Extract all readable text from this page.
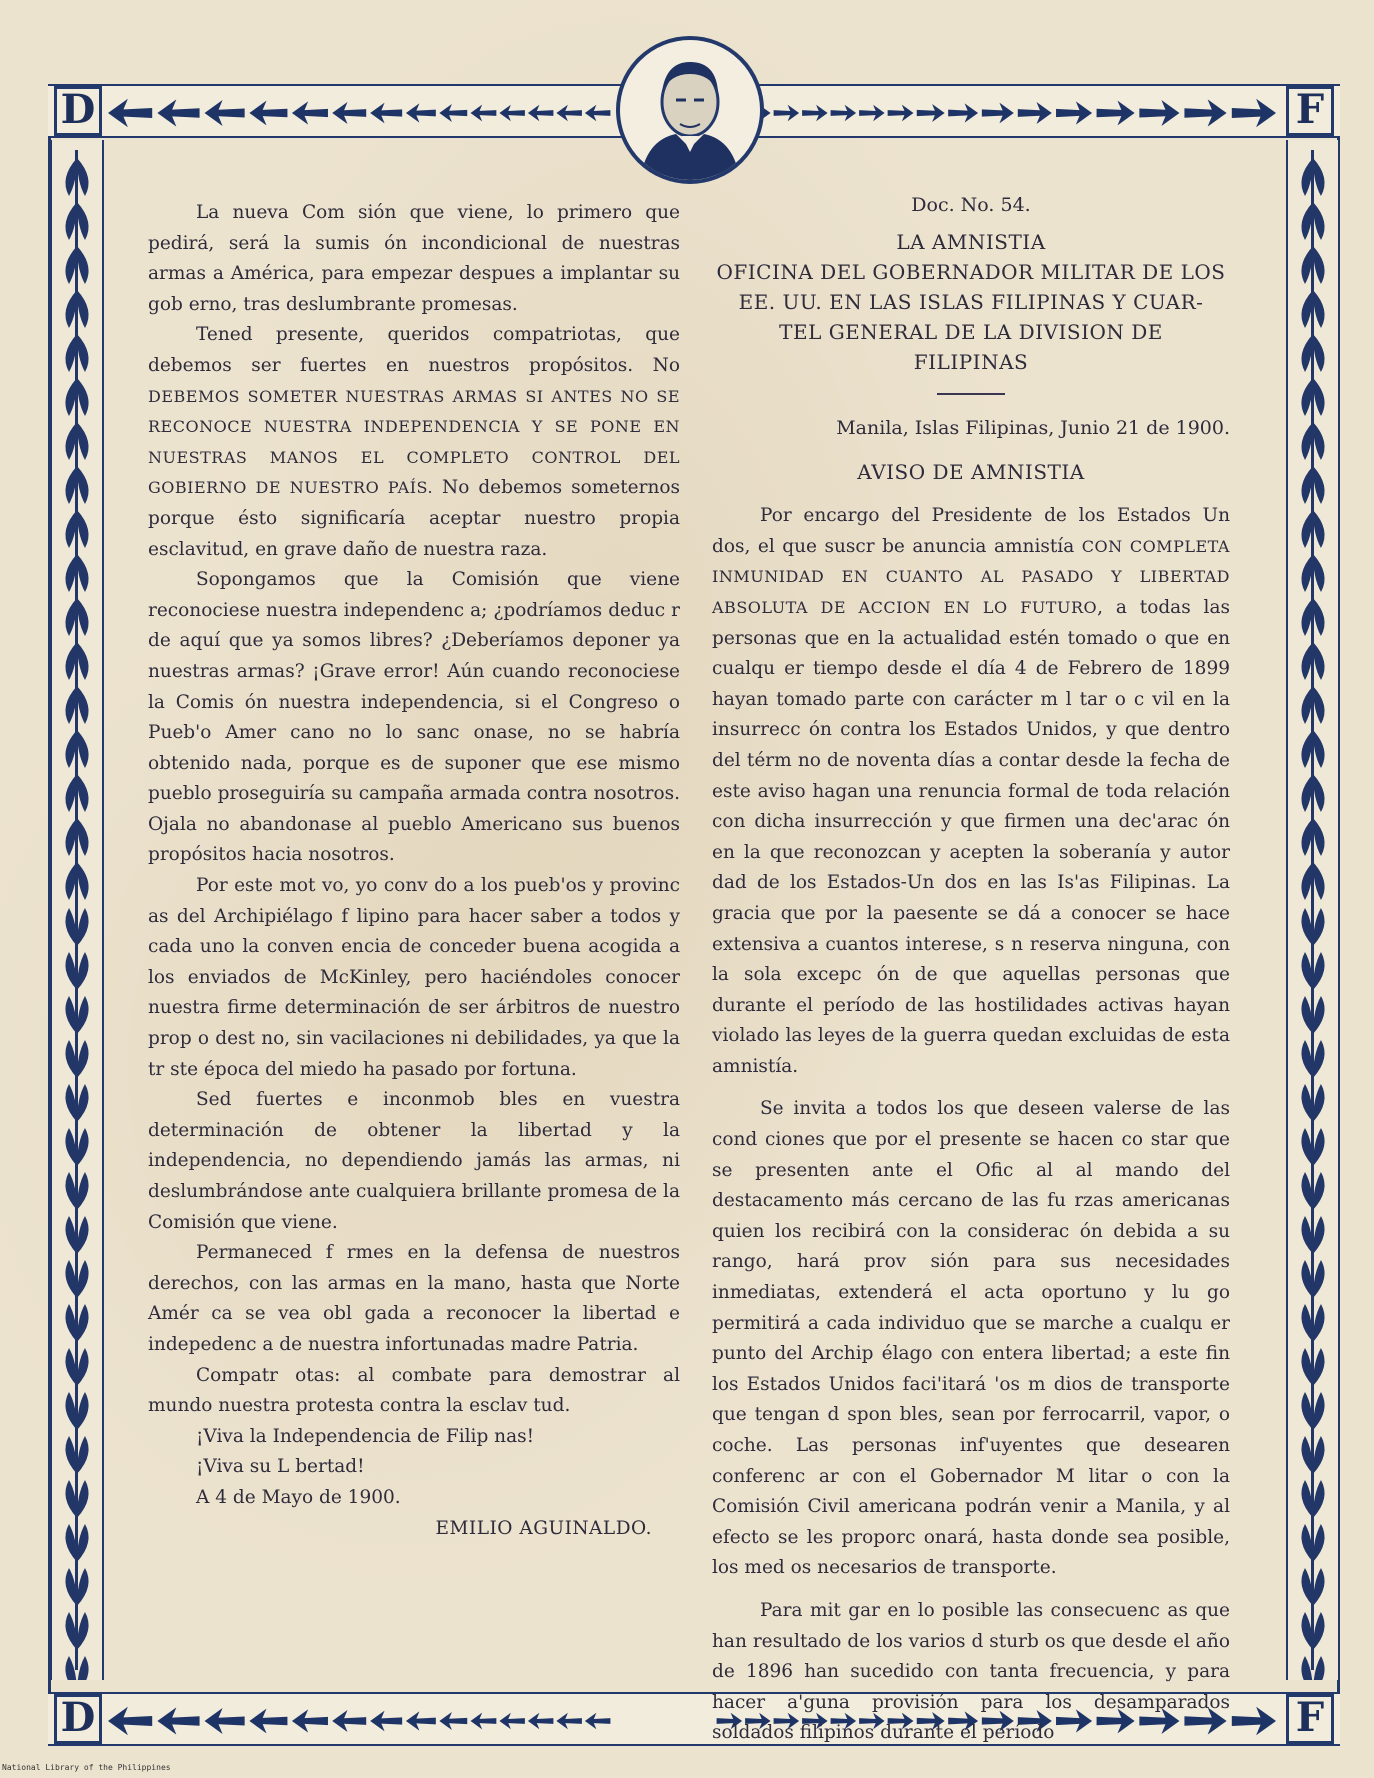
D	F
D	F

La nueva Com sión que viene, lo primero que pedirá, será la sumis ón incondicional de nuestras armas a América, para empezar despues a implantar su gob erno, tras deslumbrante promesas.

Tened presente, queridos compatriotas, que debemos ser fuertes en nuestros propósitos. No DEBEMOS SOMETER NUESTRAS ARMAS SI ANTES NO SE RECONOCE NUESTRA INDEPENDENCIA Y SE PONE EN NUESTRAS MANOS EL COMPLETO CONTROL DEL GOBIERNO DE NUESTRO PAÍS. No debemos someternos porque ésto significaría aceptar nuestro propia esclavitud, en grave daño de nuestra raza.

Sopongamos que la Comisión que viene reconociese nuestra independenc a; ¿podríamos deduc r de aquí que ya somos libres? ¿Deberíamos deponer ya nuestras armas? ¡Grave error! Aún cuando reconociese la Comis ón nuestra independencia, si el Congreso o Pueb'o Amer cano no lo sanc onase, no se habría obtenido nada, porque es de suponer que ese mismo pueblo proseguiría su campaña armada contra nosotros. Ojala no abandonase al pueblo Americano sus buenos propósitos hacia nosotros.

Por este mot vo, yo conv do a los pueb'os y provinc as del Archipiélago f lipino para hacer saber a todos y cada uno la conven encia de conceder buena acogida a los enviados de McKinley, pero haciéndoles conocer nuestra firme determinación de ser árbitros de nuestro prop o dest no, sin vacilaciones ni debilidades, ya que la tr ste época del miedo ha pasado por fortuna.

Sed fuertes e inconmob bles en vuestra determinación de obtener la libertad y la independencia, no dependiendo jamás las armas, ni deslumbrándose ante cualquiera brillante promesa de la Comisión que viene.

Permaneced f rmes en la defensa de nuestros derechos, con las armas en la mano, hasta que Norte Amér ca se vea obl gada a reconocer la libertad e indepedenc a de nuestra infortunadas madre Patria.

Compatr otas: al combate para demostrar al mundo nuestra protesta contra la esclav tud.

¡Viva la Independencia de Filip nas!

¡Viva su L bertad!

A 4 de Mayo de 1900.

EMILIO AGUINALDO.

Doc. No. 54.

LA AMNISTIA

OFICINA DEL GOBERNADOR MILITAR DE LOS

EE. UU. EN LAS ISLAS FILIPINAS Y CUAR-

TEL GENERAL DE LA DIVISION DE

FILIPINAS

Manila, Islas Filipinas, Junio 21 de 1900.

AVISO DE AMNISTIA

Por encargo del Presidente de los Estados Un dos, el que suscr be anuncia amnistía CON COMPLETA INMUNIDAD EN CUANTO AL PASADO Y LIBERTAD ABSOLUTA DE ACCION EN LO FUTURO, a todas las personas que en la actualidad estén tomado o que en cualqu er tiempo desde el día 4 de Febrero de 1899 hayan tomado parte con carácter m l tar o c vil en la insurrecc ón contra los Estados Unidos, y que dentro del térm no de noventa días a contar desde la fecha de este aviso hagan una renuncia formal de toda relación con dicha insurrección y que firmen una dec'arac ón en la que reconozcan y acepten la soberanía y autor dad de los Estados-Un dos en las Is'as Filipinas. La gracia que por la paesente se dá a conocer se hace extensiva a cuantos interese, s n reserva ninguna, con la sola excepc ón de que aquellas personas que durante el período de las hostilidades activas hayan violado las leyes de la guerra quedan excluidas de esta amnistía.

Se invita a todos los que deseen valerse de las cond ciones que por el presente se hacen co star que se presenten ante el Ofic al al mando del destacamento más cercano de las fu rzas americanas quien los recibirá con la considerac ón debida a su rango, hará prov sión para sus necesidades inmediatas, extenderá el acta oportuno y lu go permitirá a cada individuo que se marche a cualqu er punto del Archip élago con entera libertad; a este fin los Estados Unidos faci'itará 'os m dios de transporte que tengan d spon bles, sean por ferrocarril, vapor, o coche. Las personas inf'uyentes que desearen conferenc ar con el Gobernador M litar o con la Comisión Civil americana podrán venir a Manila, y al efecto se les proporc onará, hasta donde sea posible, los med os necesarios de transporte.

Para mit gar en lo posible las consecuenc as que han resultado de los varios d sturb os que desde el año de 1896 han sucedido con tanta frecuencia, y para hacer a'guna provisión para los desamparados soldados filipinos durante el período

National Library of the Philippines
